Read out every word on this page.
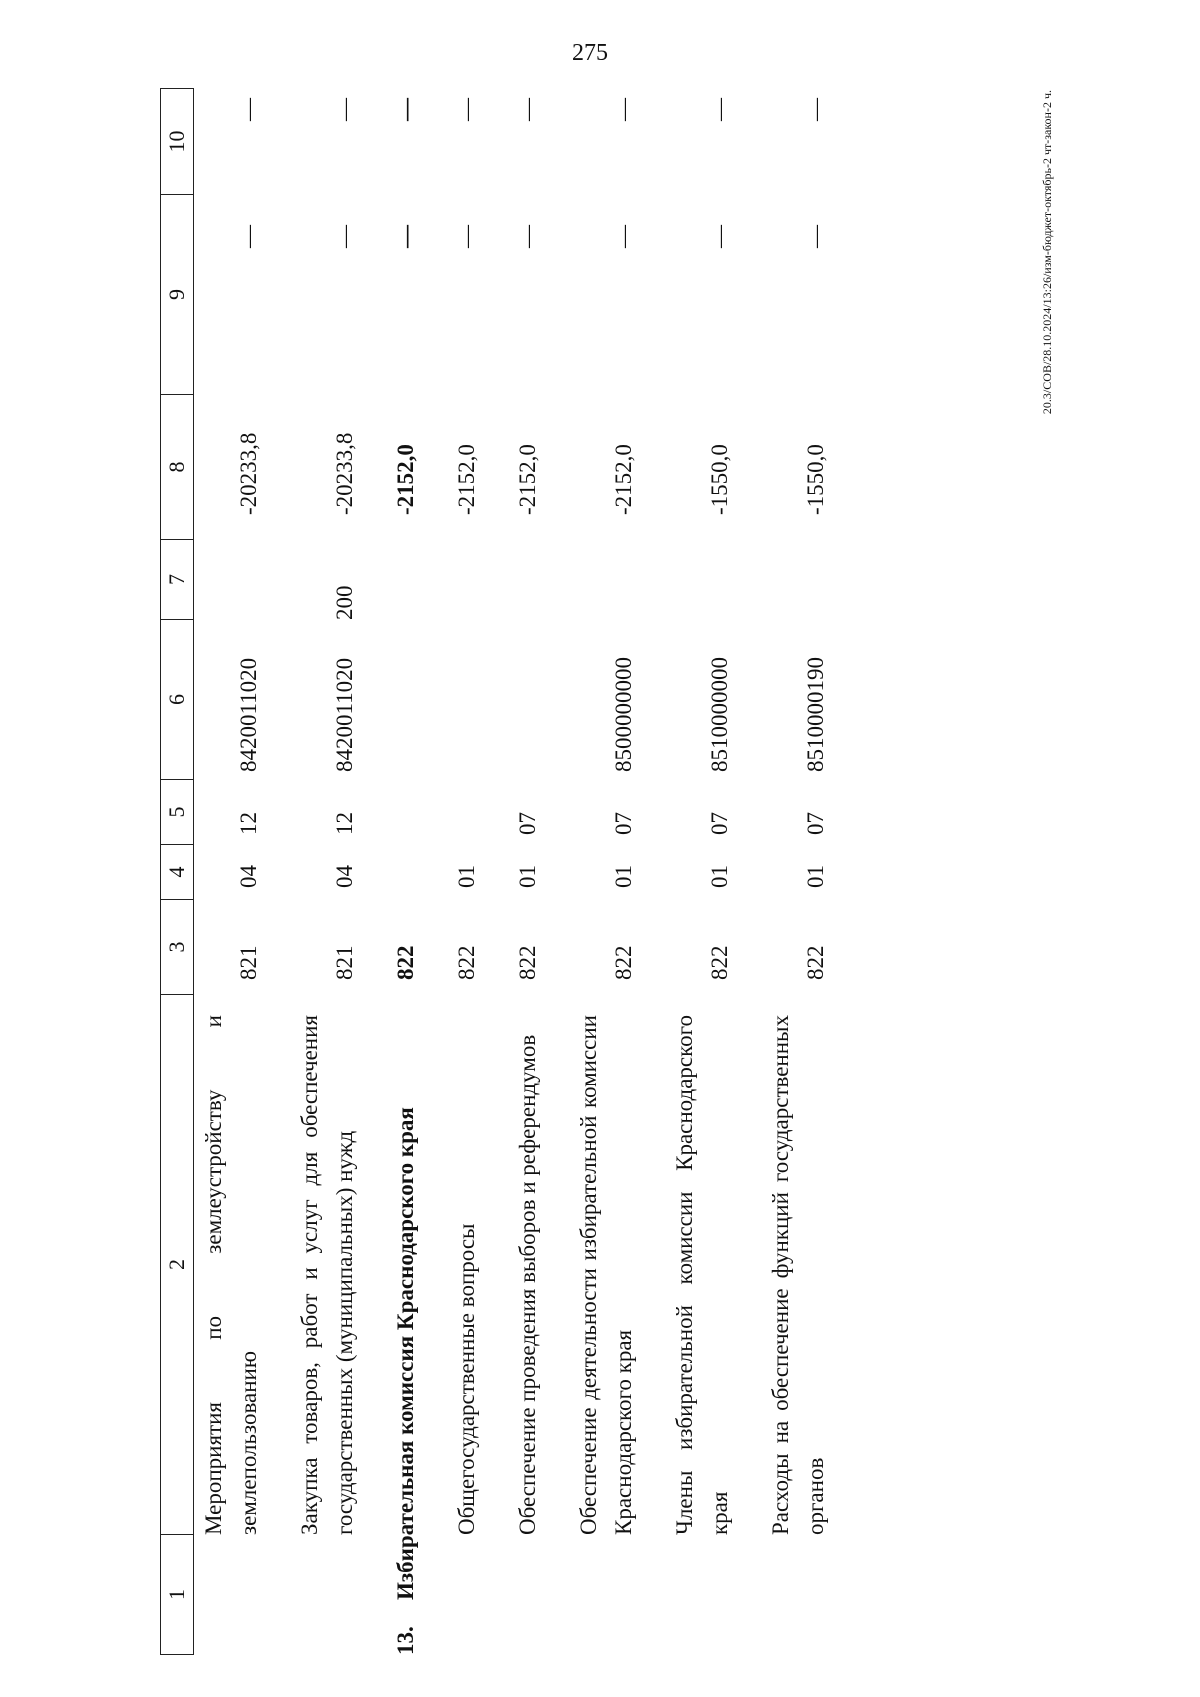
275
1
2
3
4
5
6
7
8
9
10
Мероприятия по землеустройству и землепользованию
821
04
12
8420011020
-20233,8
—
—
Закупка товаров, работ и услуг для обеспечения государственных (муниципальных) нужд
821
04
12
8420011020
200
-20233,8
—
—
13.
Избирательная комиссия Краснодарского края
822
-2152,0
—
—
Общегосударственные вопросы
822
01
-2152,0
—
—
Обеспечение проведения выборов и референдумов
822
01
07
-2152,0
—
—
Обеспечение деятельности избирательной комиссии Краснодарского края
822
01
07
8500000000
-2152,0
—
—
Члены избирательной комиссии Краснодарского края
822
01
07
8510000000
-1550,0
—
—
Расходы на обеспечение функций государственных органов
822
01
07
8510000190
-1550,0
—
—	20.3/СОВ/28.10.2024/13:26/изм-бюджет-октябрь-2 чт-закон-2 ч.
